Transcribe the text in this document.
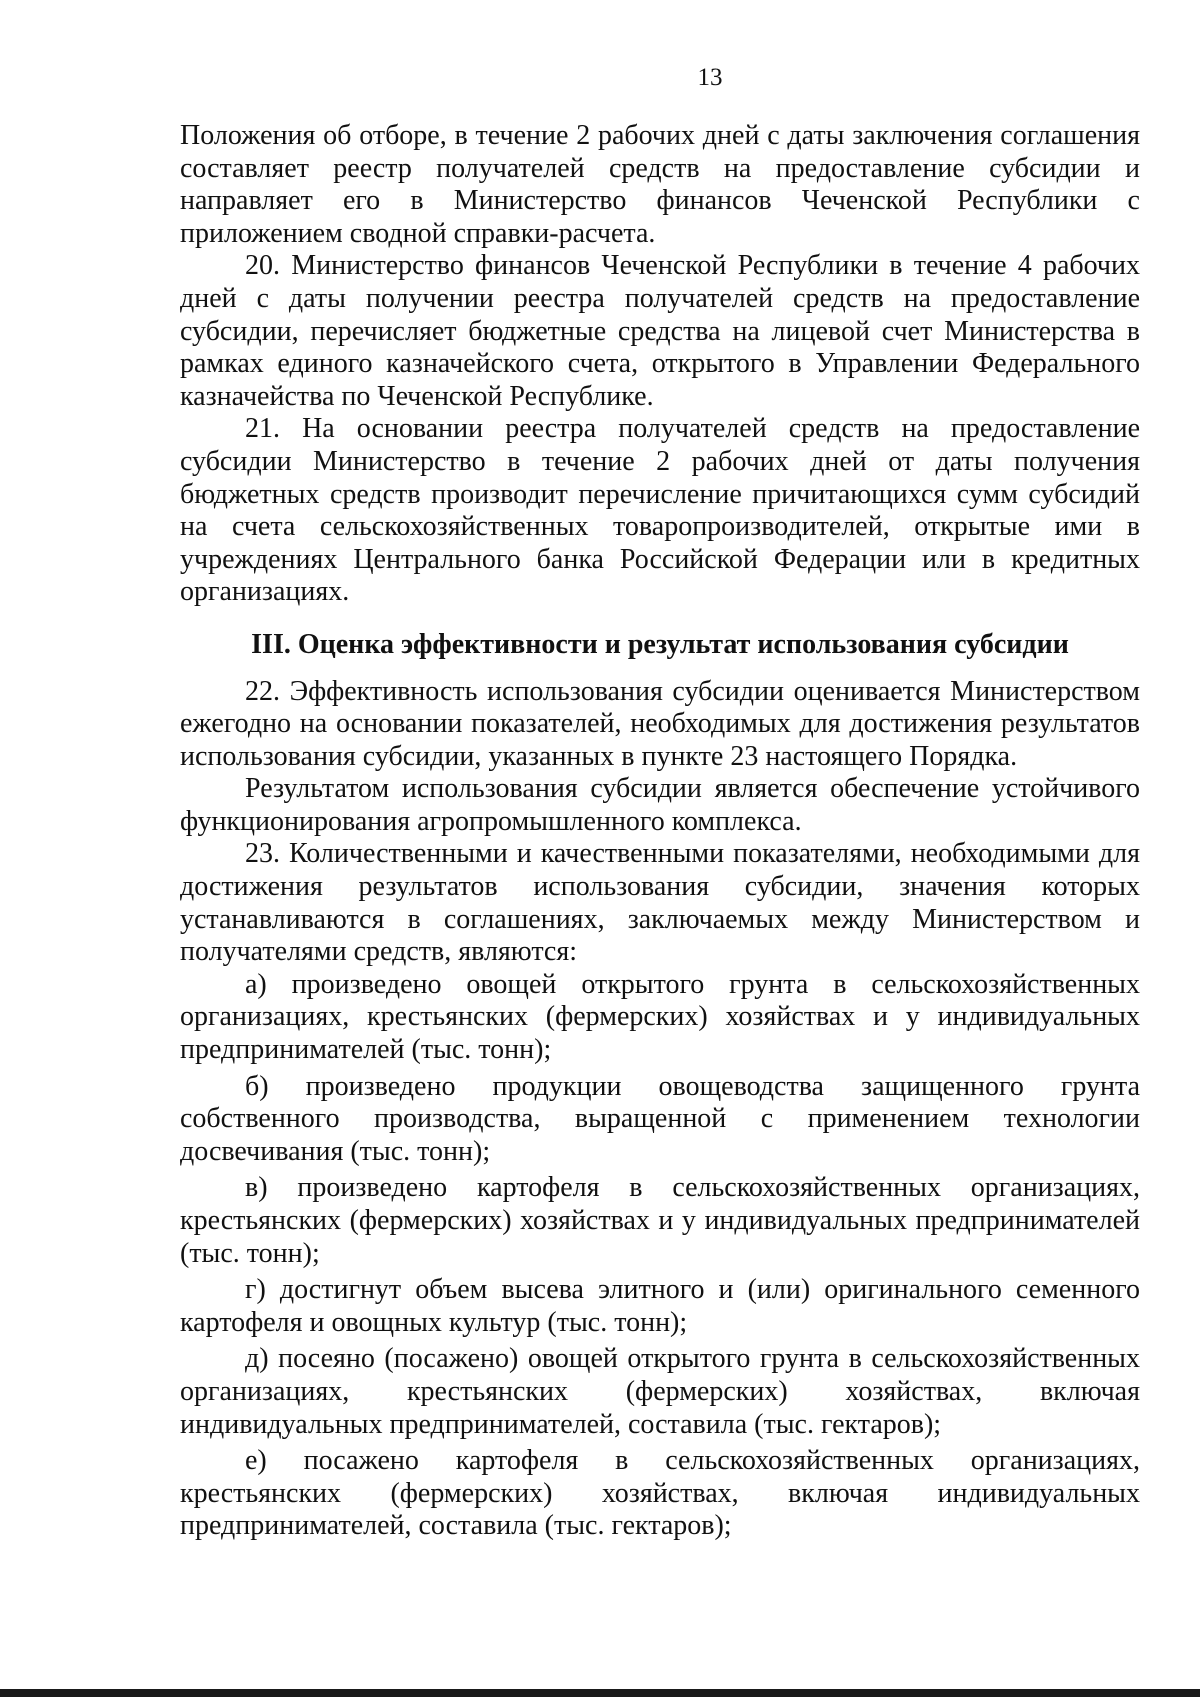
13

Положения об отборе, в течение 2 рабочих дней с даты заключения соглашения составляет реестр получателей средств на предоставление субсидии и направляет его в Министерство финансов Чеченской Республики с приложением сводной справки-расчета.

20. Министерство финансов Чеченской Республики в течение 4 рабочих дней с даты получении реестра получателей средств на предоставление субсидии, перечисляет бюджетные средства на лицевой счет Министерства в рамках единого казначейского счета, открытого в Управлении Федерального казначейства по Чеченской Республике.

21. На основании реестра получателей средств на предоставление субсидии Министерство в течение 2 рабочих дней от даты получения бюджетных средств производит перечисление причитающихся сумм субсидий на счета сельскохозяйственных товаропроизводителей, открытые ими в учреждениях Центрального банка Российской Федерации или в кредитных организациях.

III. Оценка эффективности и результат использования субсидии

22. Эффективность использования субсидии оценивается Министерством ежегодно на основании показателей, необходимых для достижения результатов использования субсидии, указанных в пункте 23 настоящего Порядка.

Результатом использования субсидии является обеспечение устойчивого функционирования агропромышленного комплекса.

23. Количественными и качественными показателями, необходимыми для достижения результатов использования субсидии, значения которых устанавливаются в соглашениях, заключаемых между Министерством и получателями средств, являются:

а) произведено овощей открытого грунта в сельскохозяйственных организациях, крестьянских (фермерских) хозяйствах и у индивидуальных предпринимателей (тыс. тонн);

б) произведено продукции овощеводства защищенного грунта собственного производства, выращенной с применением технологии досвечивания (тыс. тонн);

в) произведено картофеля в сельскохозяйственных организациях, крестьянских (фермерских) хозяйствах и у индивидуальных предпринимателей (тыс. тонн);

г) достигнут объем высева элитного и (или) оригинального семенного картофеля и овощных культур (тыс. тонн);

д) посеяно (посажено) овощей открытого грунта в сельскохозяйственных организациях, крестьянских (фермерских) хозяйствах, включая индивидуальных предпринимателей, составила (тыс. гектаров);

е) посажено картофеля в сельскохозяйственных организациях, крестьянских (фермерских) хозяйствах, включая индивидуальных предпринимателей, составила (тыс. гектаров);
